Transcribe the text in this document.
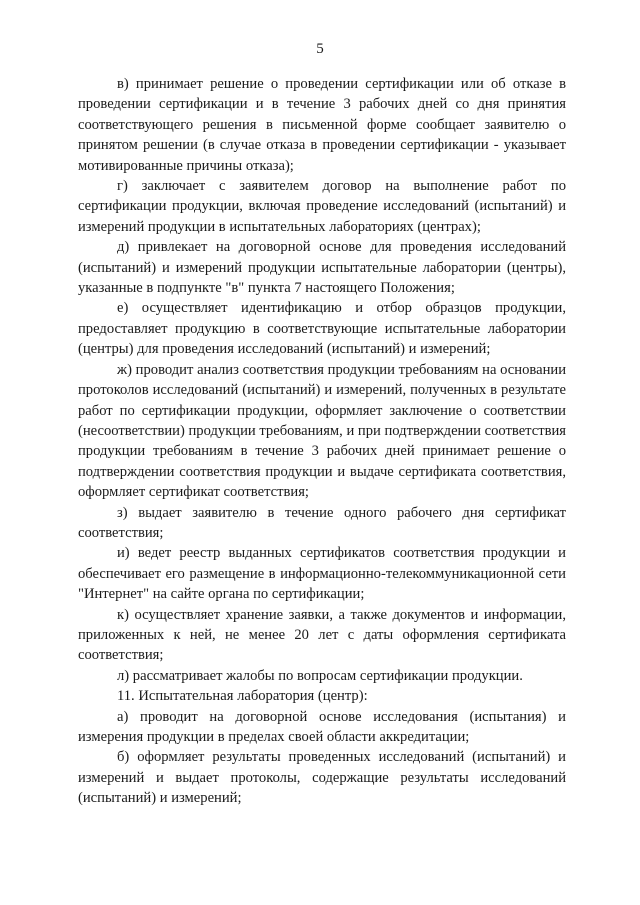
5

в) принимает решение о проведении сертификации или об отказе в проведении сертификации и в течение 3 рабочих дней со дня принятия соответствующего решения в письменной форме сообщает заявителю о принятом решении (в случае отказа в проведении сертификации - указывает мотивированные причины отказа);

г) заключает с заявителем договор на выполнение работ по сертификации продукции, включая проведение исследований (испытаний) и измерений продукции в испытательных лабораториях (центрах);

д) привлекает на договорной основе для проведения исследований (испытаний) и измерений продукции испытательные лаборатории (центры), указанные в подпункте "в" пункта 7 настоящего Положения;

е) осуществляет идентификацию и отбор образцов продукции, предоставляет продукцию в соответствующие испытательные лаборатории (центры) для проведения исследований (испытаний) и измерений;

ж) проводит анализ соответствия продукции требованиям на основании протоколов исследований (испытаний) и измерений, полученных в результате работ по сертификации продукции, оформляет заключение о соответствии (несоответствии) продукции требованиям, и при подтверждении соответствия продукции требованиям в течение 3 рабочих дней принимает решение о подтверждении соответствия продукции и выдаче сертификата соответствия, оформляет сертификат соответствия;

з) выдает заявителю в течение одного рабочего дня сертификат соответствия;

и) ведет реестр выданных сертификатов соответствия продукции и обеспечивает его размещение в информационно-телекоммуникационной сети "Интернет" на сайте органа по сертификации;

к) осуществляет хранение заявки, а также документов и информации, приложенных к ней, не менее 20 лет с даты оформления сертификата соответствия;

л) рассматривает жалобы по вопросам сертификации продукции.

11. Испытательная лаборатория (центр):

а) проводит на договорной основе исследования (испытания) и измерения продукции в пределах своей области аккредитации;

б) оформляет результаты проведенных исследований (испытаний) и измерений и выдает протоколы, содержащие результаты исследований (испытаний) и измерений;
